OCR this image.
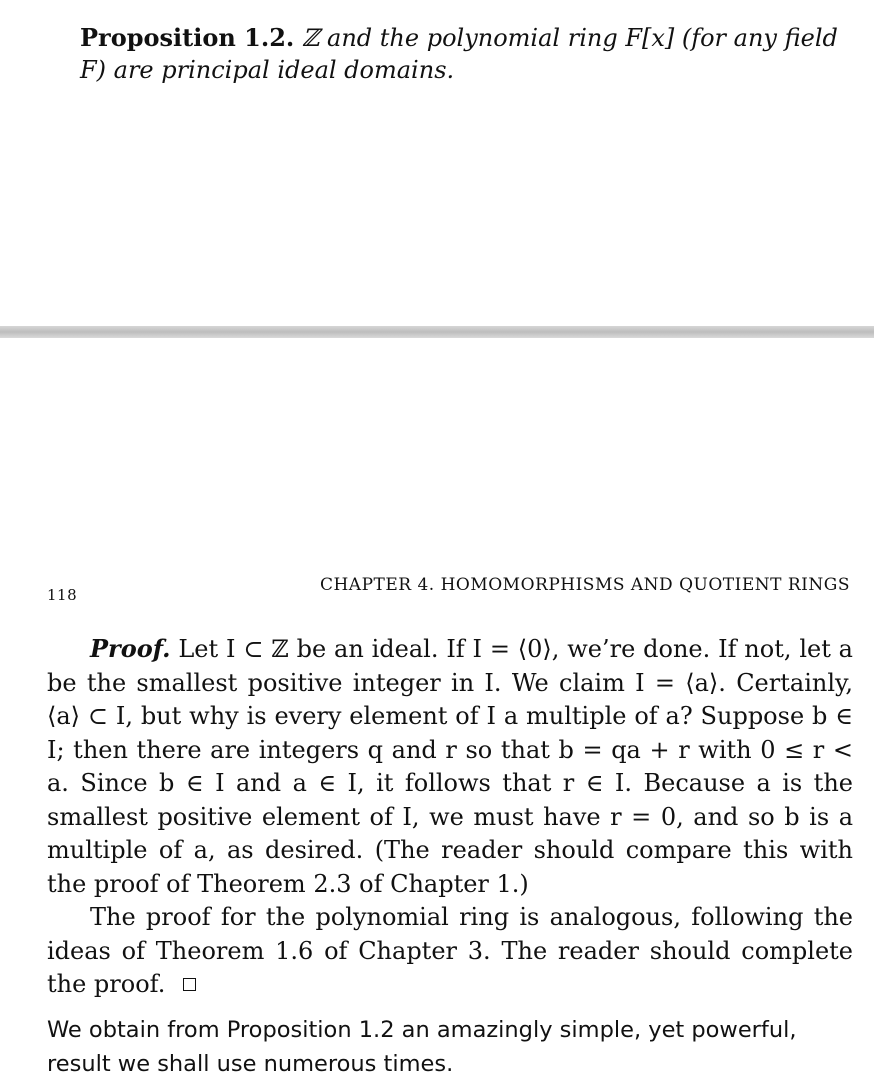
Proposition 1.2. ℤ and the polynomial ring F[x] (for any field F) are principal ideal domains.
118	CHAPTER 4. HOMOMORPHISMS AND QUOTIENT RINGS

Proof. Let I ⊂ ℤ be an ideal. If I = ⟨0⟩, we’re done. If not, let a be the smallest positive integer in I. We claim I = ⟨a⟩. Certainly, ⟨a⟩ ⊂ I, but why is every element of I a multiple of a? Suppose b ∈ I; then there are integers q and r so that b = qa + r with 0 ≤ r < a. Since b ∈ I and a ∈ I, it follows that r ∈ I. Because a is the smallest positive element of I, we must have r = 0, and so b is a multiple of a, as desired. (The reader should compare this with the proof of Theorem 2.3 of Chapter 1.)

The proof for the polynomial ring is analogous, following the ideas of Theorem 1.6 of Chapter 3. The reader should complete the proof.

We obtain from Proposition 1.2 an amazingly simple, yet powerful, result we shall use numerous times.
